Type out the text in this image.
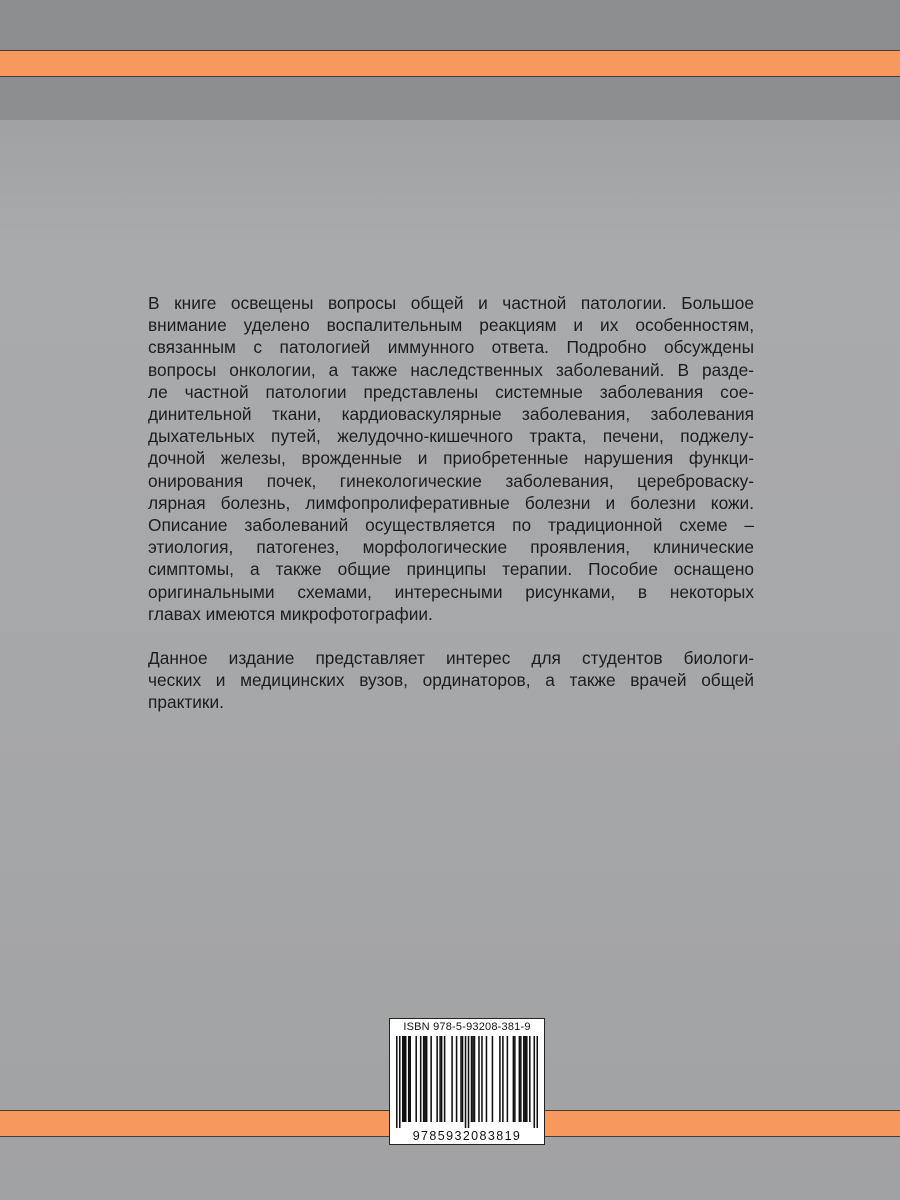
В книге освещены вопросы общей и частной патологии. Большое

внимание уделено воспалительным реакциям и их особенностям,

связанным с патологией иммунного ответа. Подробно обсуждены

вопросы онкологии, а также наследственных заболеваний. В разде-

ле частной патологии представлены системные заболевания сое-

динительной ткани, кардиоваскулярные заболевания, заболевания

дыхательных путей, желудочно-кишечного тракта, печени, поджелу-

дочной железы, врожденные и приобретенные нарушения функци-

онирования почек, гинекологические заболевания, цереброваску-

лярная болезнь, лимфопролиферативные болезни и болезни кожи.

Описание заболеваний осуществляется по традиционной схеме –

этиология, патогенез, морфологические проявления, клинические

симптомы, а также общие принципы терапии. Пособие оснащено

оригинальными схемами, интересными рисунками, в некоторых

главах имеются микрофотографии.

Данное издание представляет интерес для студентов биологи-

ческих и медицинских вузов, ординаторов, а также врачей общей

практики.

ISBN 978-5-93208-381-9
9785932083819
